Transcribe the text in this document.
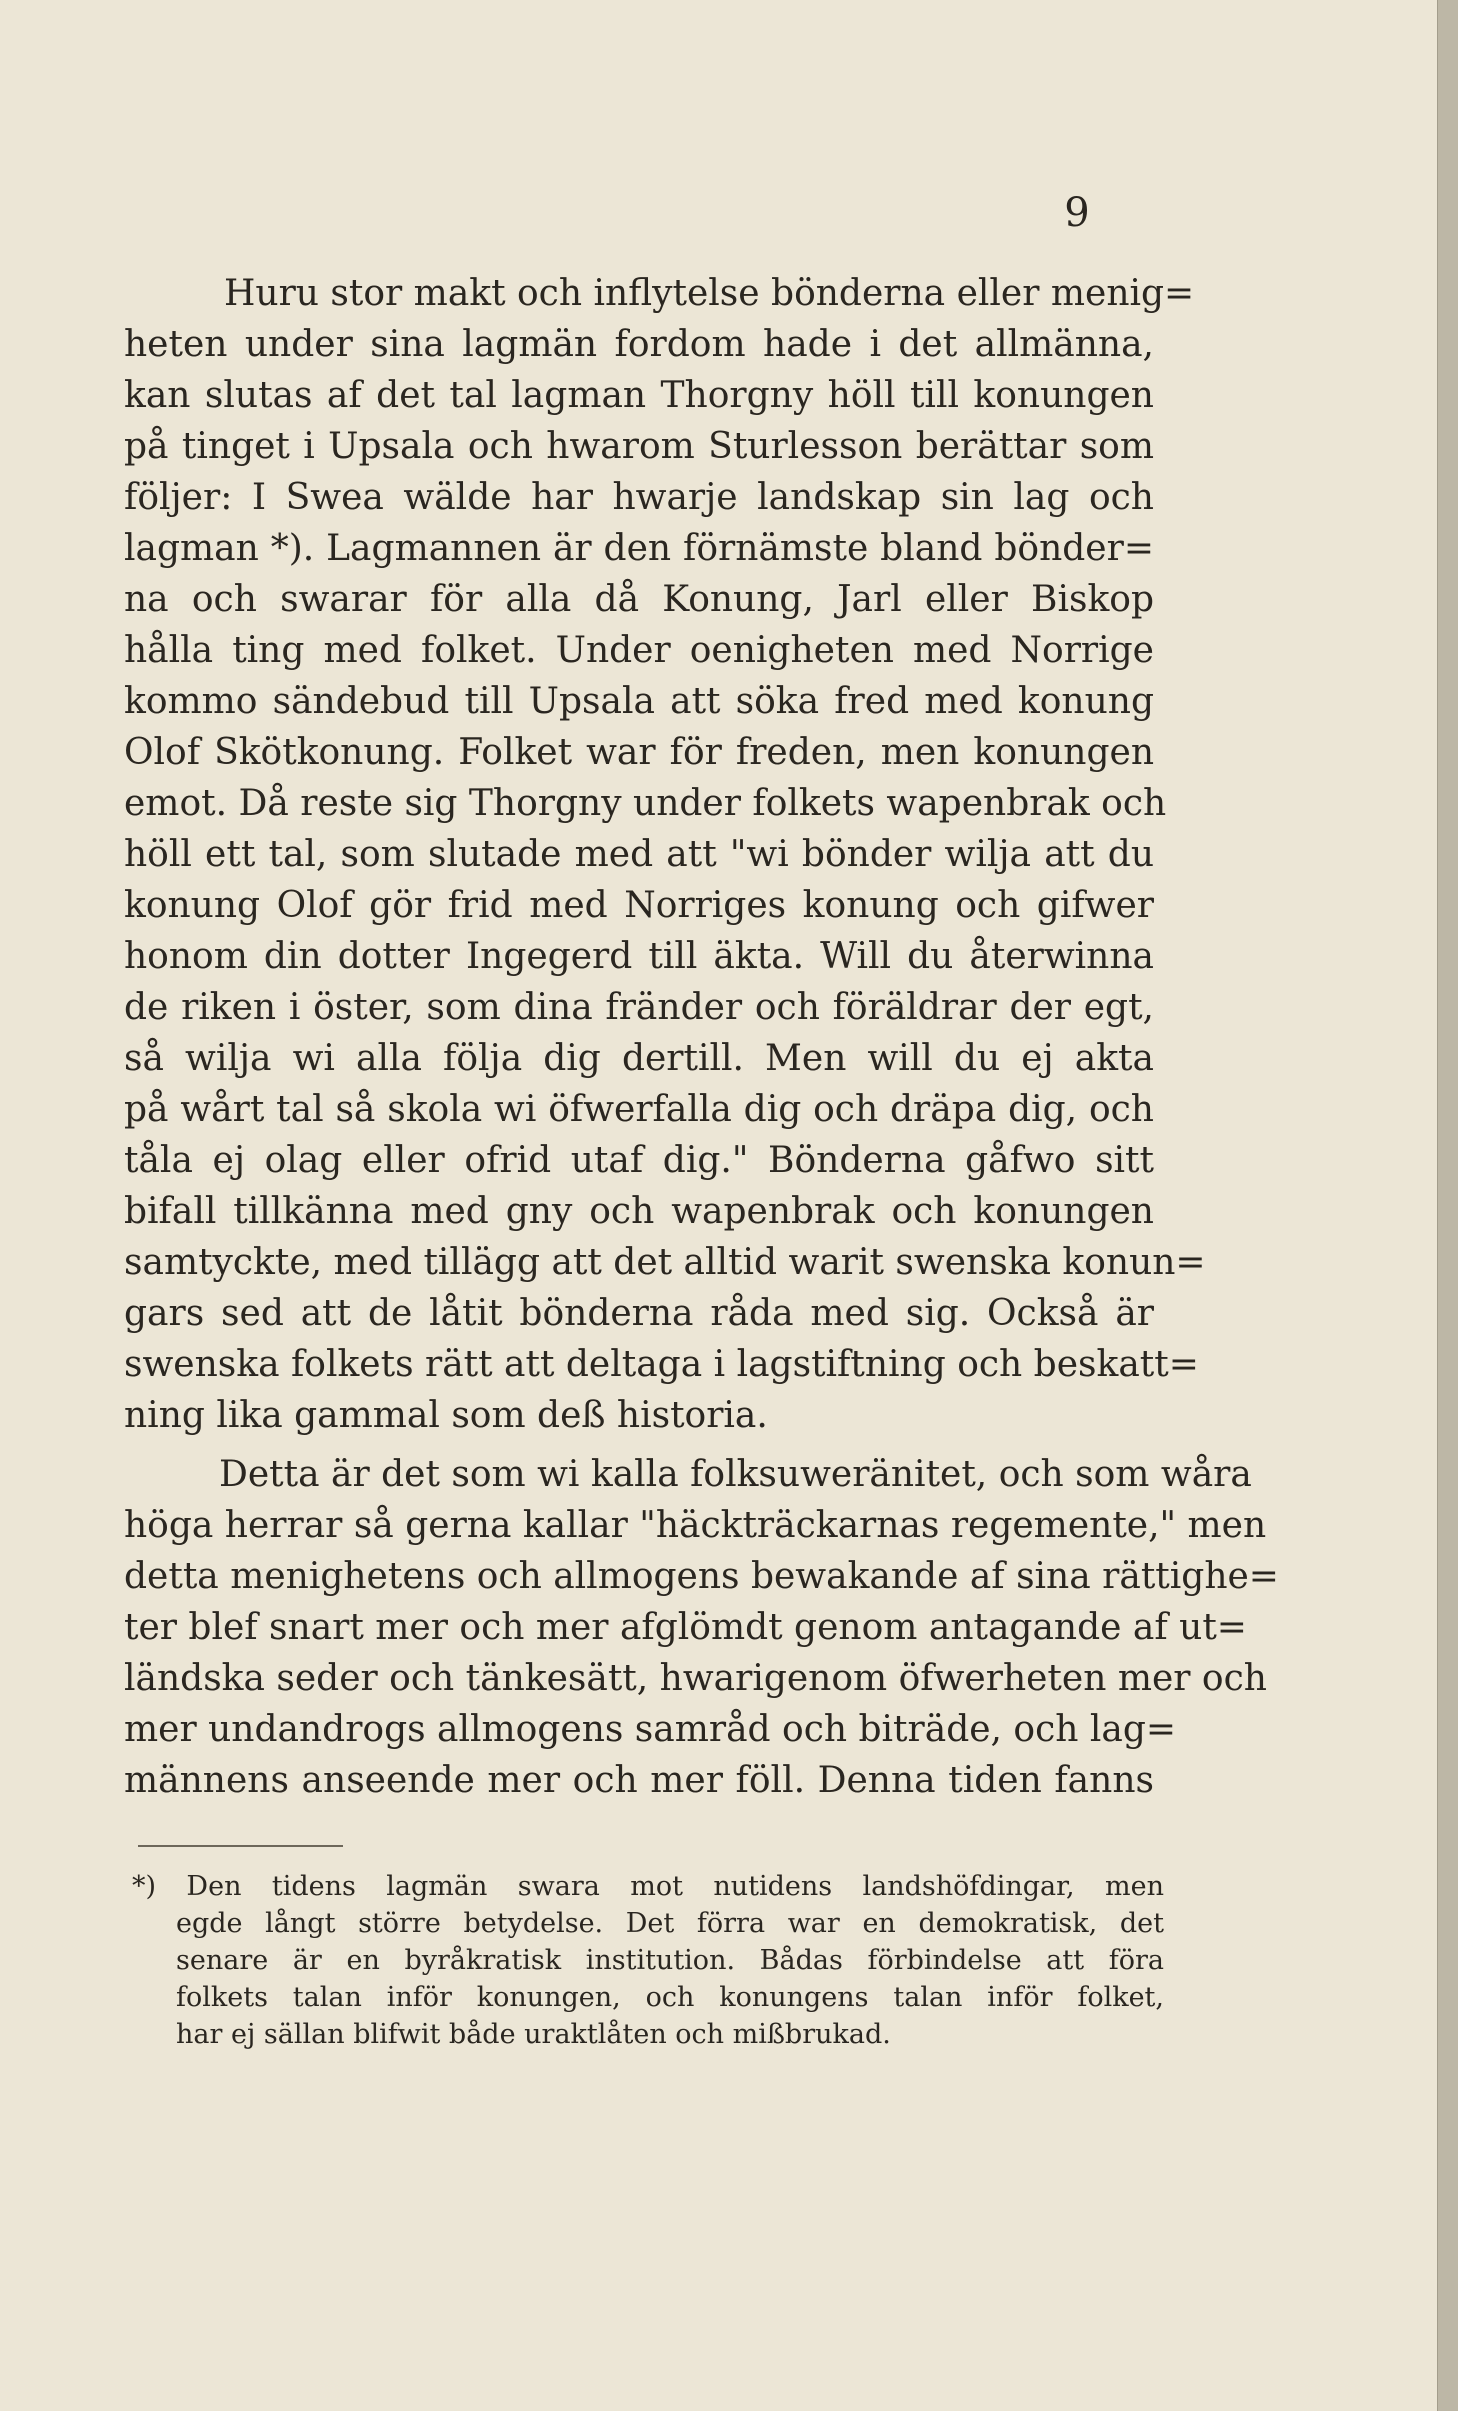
9

Huru stor makt och inflytelse bönderna eller menig=
heten under sina lagmän fordom hade i det allmänna,
kan slutas af det tal lagman Thorgny höll till konungen
på tinget i Upsala och hwarom Sturlesson berättar som
följer: I Swea wälde har hwarje landskap sin lag och
lagman *). Lagmannen är den förnämste bland bönder=
na och swarar för alla då Konung, Jarl eller Biskop
hålla ting med folket. Under oenigheten med Norrige
kommo sändebud till Upsala att söka fred med konung
Olof Skötkonung. Folket war för freden, men konungen
emot. Då reste sig Thorgny under folkets wapenbrak och
höll ett tal, som slutade med att "wi bönder wilja att du
konung Olof gör frid med Norriges konung och gifwer
honom din dotter Ingegerd till äkta. Will du återwinna
de riken i öster, som dina fränder och föräldrar der egt,
så wilja wi alla följa dig dertill. Men will du ej akta
på wårt tal så skola wi öfwerfalla dig och dräpa dig, och
tåla ej olag eller ofrid utaf dig." Bönderna gåfwo sitt
bifall tillkänna med gny och wapenbrak och konungen
samtyckte, med tillägg att det alltid warit swenska konun=
gars sed att de låtit bönderna råda med sig. Också är
swenska folkets rätt att deltaga i lagstiftning och beskatt=
ning lika gammal som deß historia.

Detta är det som wi kalla folksuweränitet, och som wåra
höga herrar så gerna kallar "häckträckarnas regemente," men
detta menighetens och allmogens bewakande af sina rättighe=
ter blef snart mer och mer afglömdt genom antagande af ut=
ländska seder och tänkesätt, hwarigenom öfwerheten mer och
mer undandrogs allmogens samråd och biträde, och lag=
männens anseende mer och mer föll. Denna tiden fanns

*) Den tidens lagmän swara mot nutidens landshöfdingar, men
egde långt större betydelse. Det förra war en demokratisk, det
senare är en byråkratisk institution. Bådas förbindelse att föra
folkets talan inför konungen, och konungens talan inför folket,
har ej sällan blifwit både uraktlåten och mißbrukad.
